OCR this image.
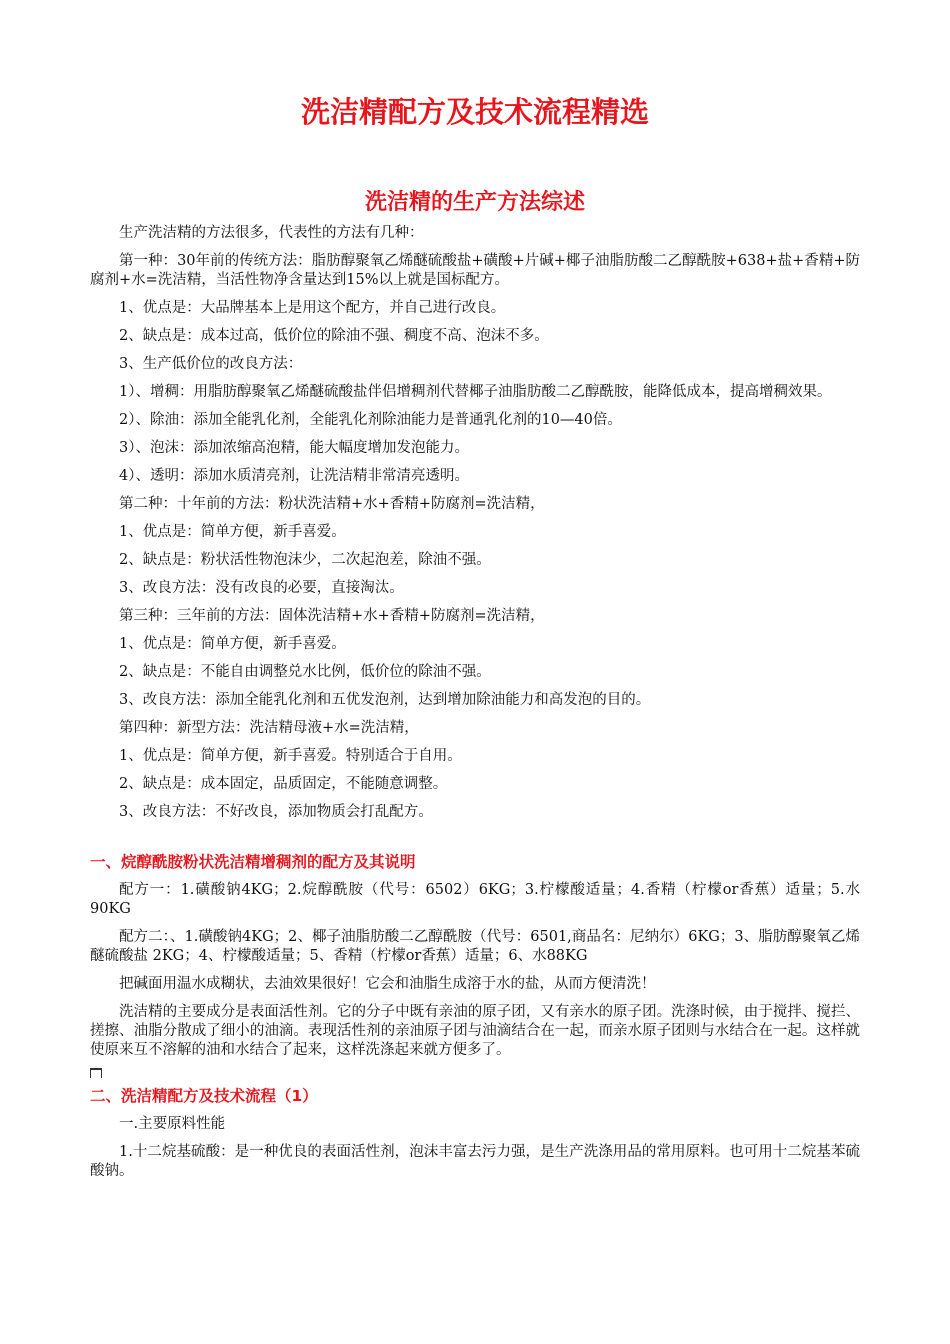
洗洁精配方及技术流程精选
洗洁精的生产方法综述

生产洗洁精的方法很多，代表性的方法有几种：

第一种：30年前的传统方法：脂肪醇聚氧乙烯醚硫酸盐+磺酸+片碱+椰子油脂肪酸二乙醇酰胺+638+盐+香精+防腐剂+水=洗洁精，当活性物净含量达到15%以上就是国标配方。

1、优点是：大品牌基本上是用这个配方，并自己进行改良。

2、缺点是：成本过高，低价位的除油不强、稠度不高、泡沫不多。

3、生产低价位的改良方法：

1）、增稠：用脂肪醇聚氧乙烯醚硫酸盐伴侣增稠剂代替椰子油脂肪酸二乙醇酰胺，能降低成本，提高增稠效果。

2）、除油：添加全能乳化剂，全能乳化剂除油能力是普通乳化剂的10—40倍。

3）、泡沫：添加浓缩高泡精，能大幅度增加发泡能力。

4）、透明：添加水质清亮剂，让洗洁精非常清亮透明。

第二种：十年前的方法：粉状洗洁精+水+香精+防腐剂=洗洁精，

1、优点是：简单方便，新手喜爱。

2、缺点是：粉状活性物泡沫少，二次起泡差，除油不强。

3、改良方法：没有改良的必要，直接淘汰。

第三种：三年前的方法：固体洗洁精+水+香精+防腐剂=洗洁精，

1、优点是：简单方便，新手喜爱。

2、缺点是：不能自由调整兑水比例，低价位的除油不强。

3、改良方法：添加全能乳化剂和五优发泡剂，达到增加除油能力和高发泡的目的。

第四种：新型方法：洗洁精母液+水=洗洁精，

1、优点是：简单方便，新手喜爱。特别适合于自用。

2、缺点是：成本固定，品质固定，不能随意调整。

3、改良方法：不好改良，添加物质会打乱配方。

一、烷醇酰胺粉状洗洁精增稠剂的配方及其说明

配方一：1.磺酸钠4KG；2.烷醇酰胺（代号：6502）6KG；3.柠檬酸适量；4.香精（柠檬or香蕉）适量；5.水90KG

配方二：、1.磺酸钠4KG；2、椰子油脂肪酸二乙醇酰胺（代号：6501,商品名：尼纳尔）6KG；3、脂肪醇聚氧乙烯醚硫酸盐 2KG；4、柠檬酸适量；5、香精（柠檬or香蕉）适量；6、水88KG

把碱面用温水成糊状，去油效果很好！它会和油脂生成溶于水的盐，从而方便清洗！

洗洁精的主要成分是表面活性剂。它的分子中既有亲油的原子团，又有亲水的原子团。洗涤时候，由于搅拌、搅拦、搓擦、油脂分散成了细小的油滴。表现活性剂的亲油原子团与油滴结合在一起，而亲水原子团则与水结合在一起。这样就使原来互不溶解的油和水结合了起来，这样洗涤起来就方便多了。

二、洗洁精配方及技术流程（1）

一.主要原料性能

1.十二烷基硫酸：是一种优良的表面活性剂，泡沫丰富去污力强，是生产洗涤用品的常用原料。也可用十二烷基苯硫酸钠。
